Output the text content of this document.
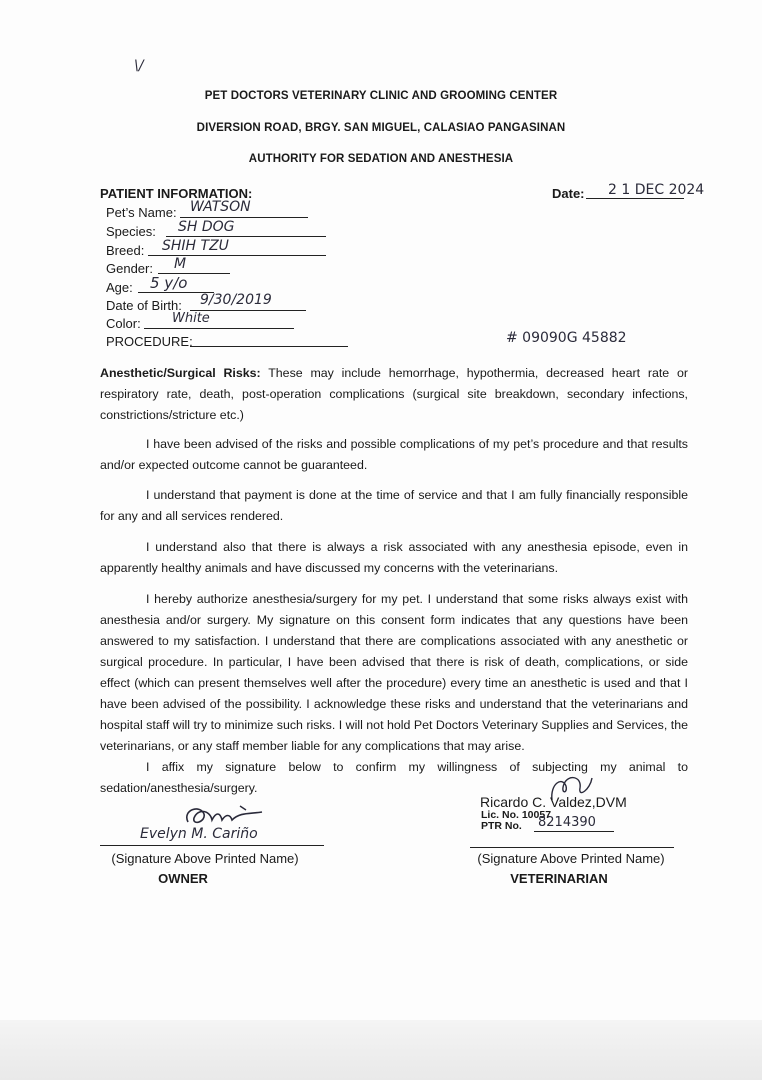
\/
PET DOCTORS VETERINARY CLINIC AND GROOMING CENTER
DIVERSION ROAD, BRGY. SAN MIGUEL, CALASIAO PANGASINAN
AUTHORITY FOR SEDATION AND ANESTHESIA
PATIENT INFORMATION:	Date: 2 1 DEC 2024
Pet’s Name: WATSON
Species: SH DOG
Breed: SHIH TZU
Gender: M
Age: 5 y/o
Date of Birth: 9/30/2019
Color: White
PROCEDURE:	# 09090G 45882
Anesthetic/Surgical Risks: These may include hemorrhage, hypothermia, decreased heart rate or respiratory rate, death, post-operation complications (surgical site breakdown, secondary infections, constrictions/stricture etc.)
I have been advised of the risks and possible complications of my pet’s procedure and that results and/or expected outcome cannot be guaranteed.
I understand that payment is done at the time of service and that I am fully financially responsible for any and all services rendered.
I understand also that there is always a risk associated with any anesthesia episode, even in apparently healthy animals and have discussed my concerns with the veterinarians.
I hereby authorize anesthesia/surgery for my pet. I understand that some risks always exist with anesthesia and/or surgery. My signature on this consent form indicates that any questions have been answered to my satisfaction. I understand that there are complications associated with any anesthetic or surgical procedure. In particular, I have been advised that there is risk of death, complications, or side effect (which can present themselves well after the procedure) every time an anesthetic is used and that I have been advised of the possibility. I acknowledge these risks and understand that the veterinarians and hospital staff will try to minimize such risks. I will not hold Pet Doctors Veterinary Supplies and Services, the veterinarians, or any staff member liable for any complications that may arise.
I affix my signature below to confirm my willingness of subjecting my animal to sedation/anesthesia/surgery.
Evelyn M. Cariño
(Signature Above Printed Name)
OWNER
Ricardo C. Valdez,DVM
Lic. No. 10057
PTR No. 8214390
(Signature Above Printed Name)
VETERINARIAN
